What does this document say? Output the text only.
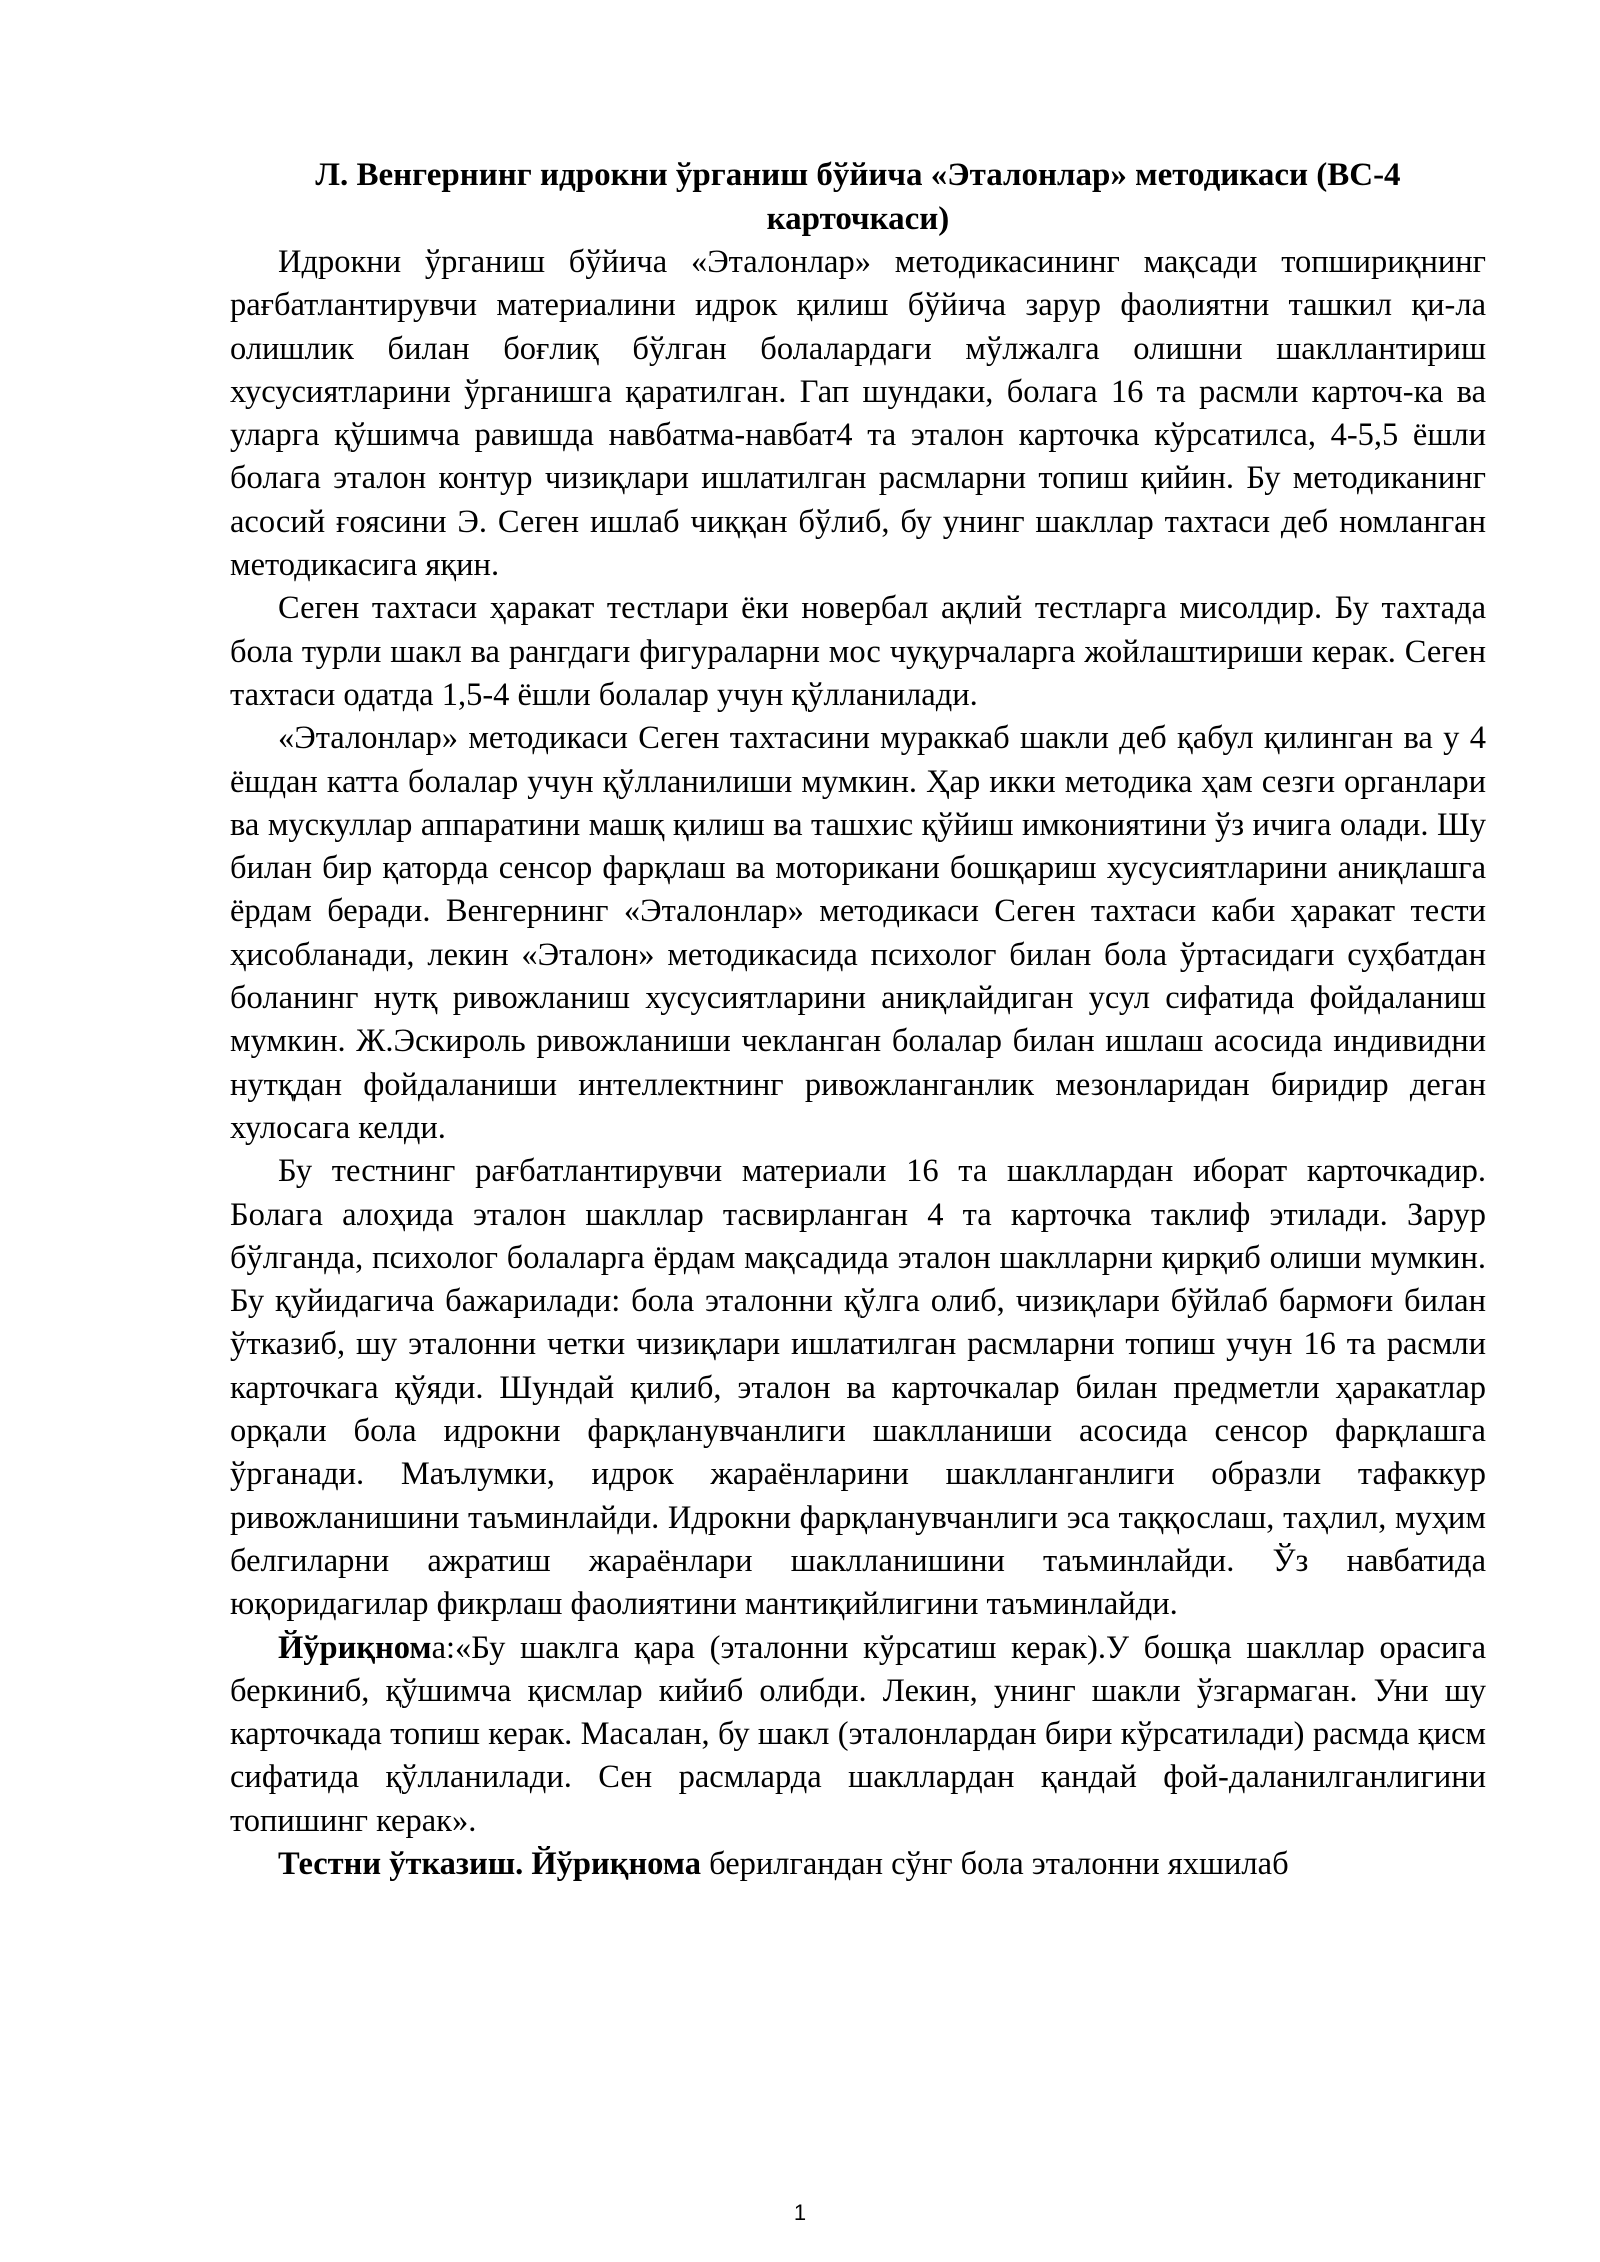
Л. Венгернинг идрокни ўрганиш бўйича «Эталонлар» методикаси (ВС-4 карточкаси)

Идрокни ўрганиш бўйича «Эталонлар» методикасининг мақсади топшириқнинг рағбатлантирувчи материалини идрок қилиш бўйича зарур фаолиятни ташкил қи-ла олишлик билан боғлиқ бўлган болалардаги мўлжалга олишни шакллантириш хусусиятларини ўрганишга қаратилган. Гап шундаки, болага 16 та расмли карточ-ка ва уларга қўшимча равишда навбатма-навбат4 та эталон карточка кўрсатилса, 4-5,5 ёшли болага эталон контур чизиқлари ишлатилган расмларни топиш қийин. Бу методиканинг асосий ғоясини Э. Сеген ишлаб чиққан бўлиб, бу унинг шакллар тахтаси деб номланган методикасига яқин.

Сеген тахтаси ҳаракат тестлари ёки новербал ақлий тестларга мисолдир. Бу тахтада бола турли шакл ва рангдаги фигураларни мос чуқурчаларга жойлаштириши керак. Сеген тахтаси одатда 1,5-4 ёшли болалар учун қўлланилади.

«Эталонлар» методикаси Сеген тахтасини мураккаб шакли деб қабул қилинган ва у 4 ёшдан катта болалар учун қўлланилиши мумкин. Ҳар икки методика ҳам сезги органлари ва мускуллар аппаратини машқ қилиш ва ташхис қўйиш имкониятини ўз ичига олади. Шу билан бир қаторда сенсор фарқлаш ва моторикани бошқариш хусусиятларини аниқлашга ёрдам беради. Венгернинг «Эталонлар» методикаси Сеген тахтаси каби ҳаракат тести ҳисобланади, лекин «Эталон» методикасида психолог билан бола ўртасидаги суҳбатдан боланинг нутқ ривожланиш хусусиятларини аниқлайдиган усул сифатида фойдаланиш мумкин. Ж.Эскироль ривожланиши чекланган болалар билан ишлаш асосида индивидни нутқдан фойдаланиши интеллектнинг ривожланганлик мезонларидан биридир деган хулосага келди.

Бу тестнинг рағбатлантирувчи материали 16 та шакллардан иборат карточкадир. Болага алоҳида эталон шакллар тасвирланган 4 та карточка таклиф этилади. Зарур бўлганда, психолог болаларга ёрдам мақсадида эталон шаклларни қирқиб олиши мумкин. Бу қуйидагича бажарилади: бола эталонни қўлга олиб, чизиқлари бўйлаб бармоғи билан ўтказиб, шу эталонни четки чизиқлари ишлатилган расмларни топиш учун 16 та расмли карточкага қўяди. Шундай қилиб, эталон ва карточкалар билан предметли ҳаракатлар орқали бола идрокни фарқланувчанлиги шаклланиши асосида сенсор фарқлашга ўрганади. Маълумки, идрок жараёнларини шаклланганлиги образли тафаккур ривожланишини таъминлайди. Идрокни фарқланувчанлиги эса таққослаш, таҳлил, муҳим белгиларни ажратиш жараёнлари шаклланишини таъминлайди. Ўз навбатида юқоридагилар фикрлаш фаолиятини мантиқийлигини таъминлайди.

Йўриқнома:«Бу шаклга қара (эталонни кўрсатиш керак).У бошқа шакллар орасига беркиниб, қўшимча қисмлар кийиб олибди. Лекин, унинг шакли ўзгармаган. Уни шу карточкада топиш керак. Масалан, бу шакл (эталонлардан бири кўрсатилади) расмда қисм сифатида қўлланилади. Сен расмларда шакллардан қандай фой-даланилганлигини топишинг керак».

Тестни ўтказиш. Йўриқнома берилгандан сўнг бола эталонни яхшилаб

1
